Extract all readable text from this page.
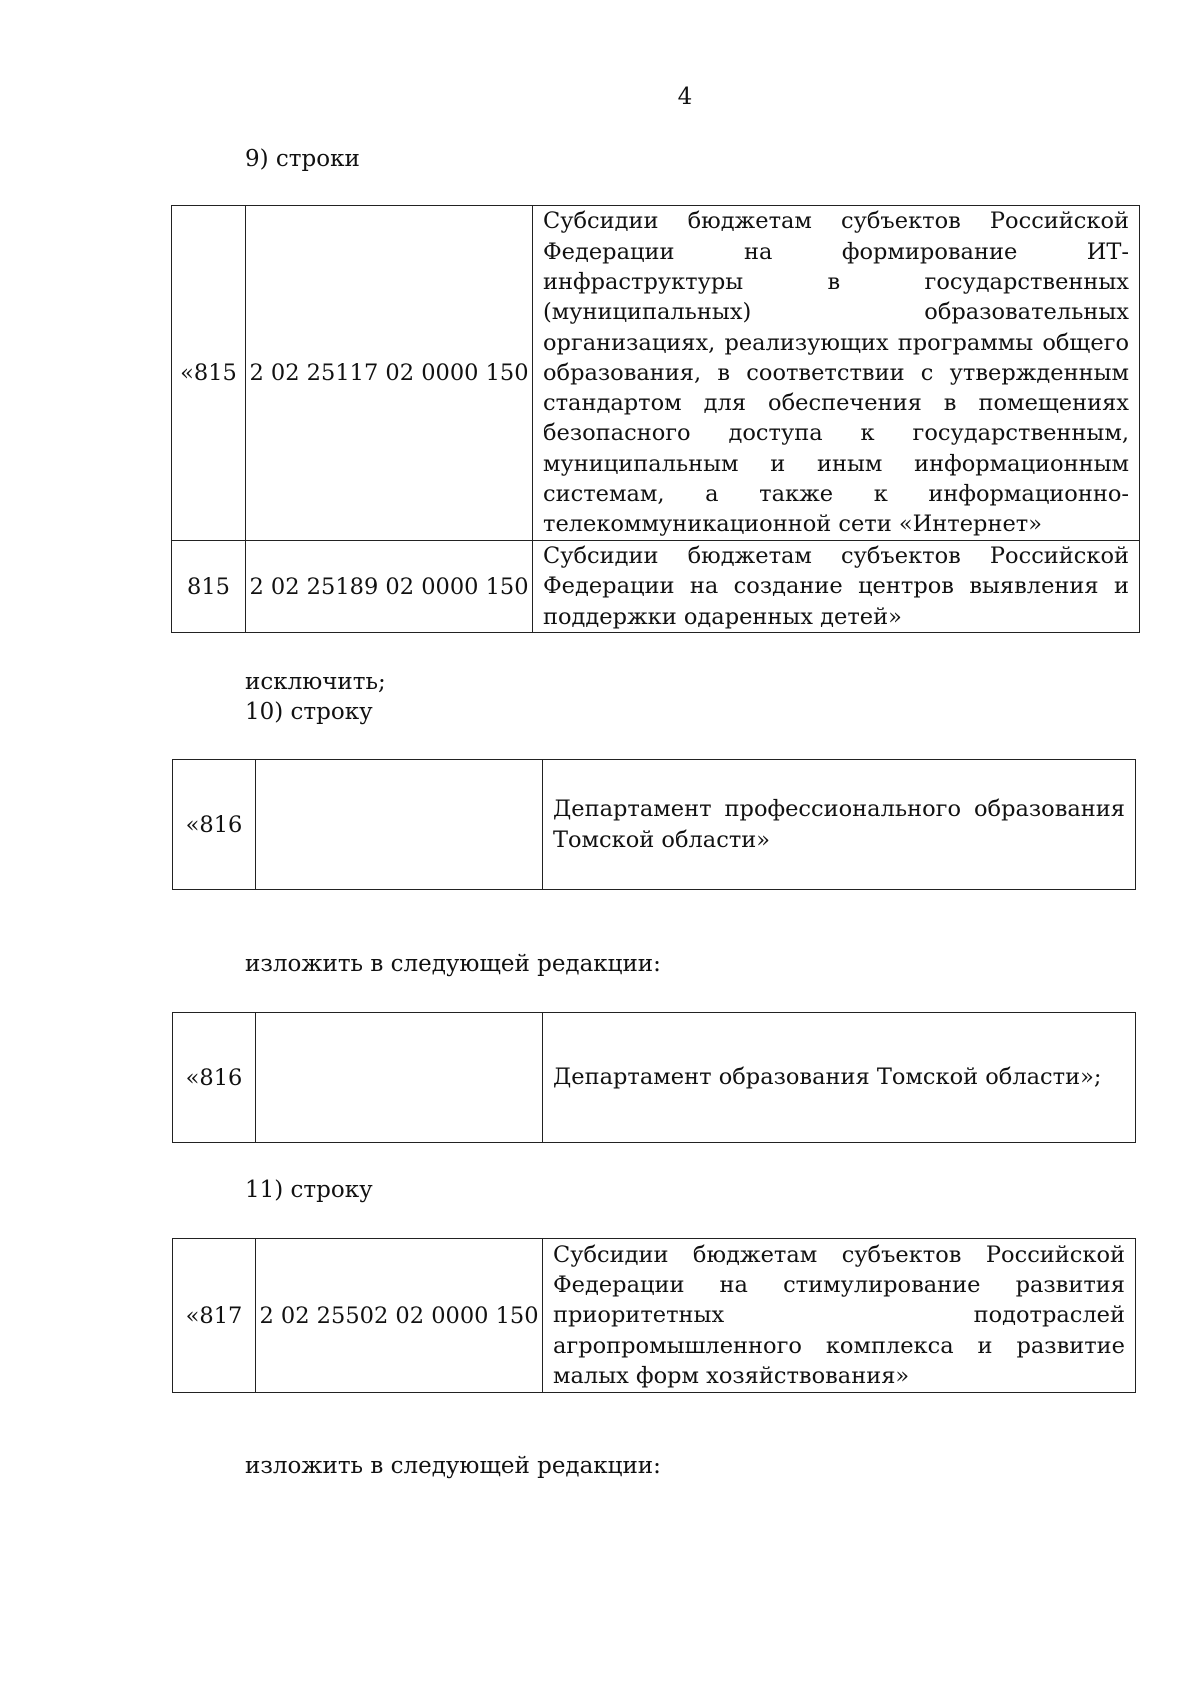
4
9) строки
«815	2 02 25117 02 0000 150	Субсидии бюджетам субъектов Российской Федерации на формирование ИТ-инфраструктуры в государственных (муниципальных) образовательных организациях, реализующих программы общего образования, в соответствии с утвержденным стандартом для обеспечения в помещениях безопасного доступа к государственным, муниципальным и иным информационным системам, а также к информационно-телекоммуникационной сети «Интернет»
815	2 02 25189 02 0000 150	Субсидии бюджетам субъектов Российской Федерации на создание центров выявления и поддержки одаренных детей»
исключить;
10) строку
«816		Департамент профессионального образования Томской области»
изложить в следующей редакции:
«816		Департамент образования Томской области»;
11) строку
«817	2 02 25502 02 0000 150	Субсидии бюджетам субъектов Российской Федерации на стимулирование развития приоритетных подотраслей агропромышленного комплекса и развитие малых форм хозяйствования»
изложить в следующей редакции:
